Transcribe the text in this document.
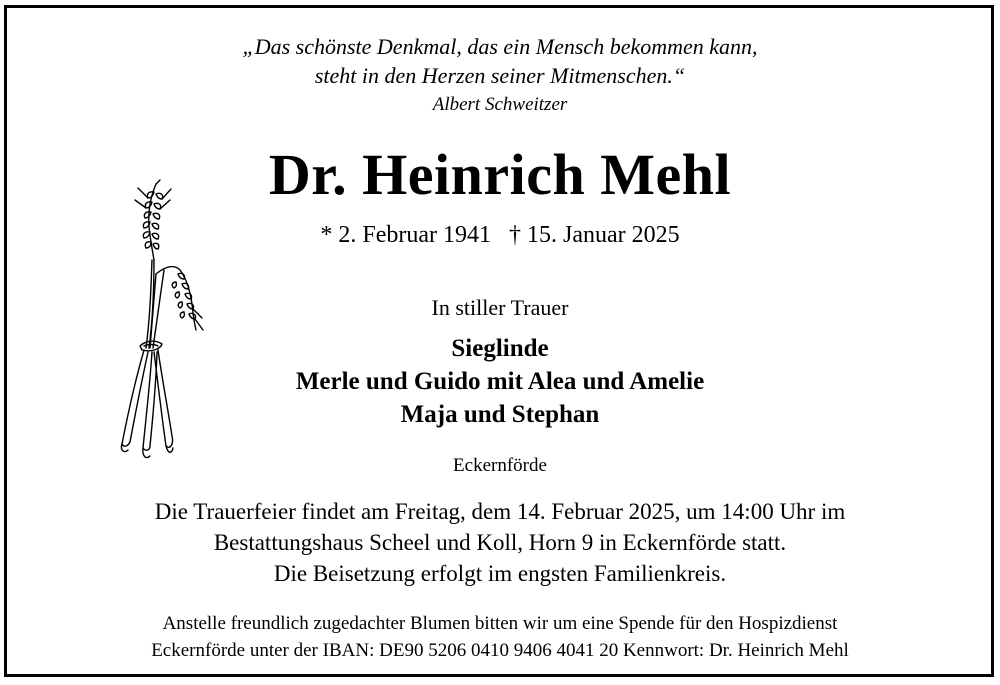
„Das schönste Denkmal, das ein Mensch bekommen kann,
steht in den Herzen seiner Mitmenschen.“
Albert Schweitzer
Dr. Heinrich Mehl
* 2. Februar 1941 † 15. Januar 2025
In stiller Trauer
Sieglinde
Merle und Guido mit Alea und Amelie
Maja und Stephan
Eckernförde
Die Trauerfeier findet am Freitag, dem 14. Februar 2025, um 14:00 Uhr im
Bestattungshaus Scheel und Koll, Horn 9 in Eckernförde statt.
Die Beisetzung erfolgt im engsten Familienkreis.
Anstelle freundlich zugedachter Blumen bitten wir um eine Spende für den Hospizdienst
Eckernförde unter der IBAN: DE90 5206 0410 9406 4041 20 Kennwort: Dr. Heinrich Mehl
